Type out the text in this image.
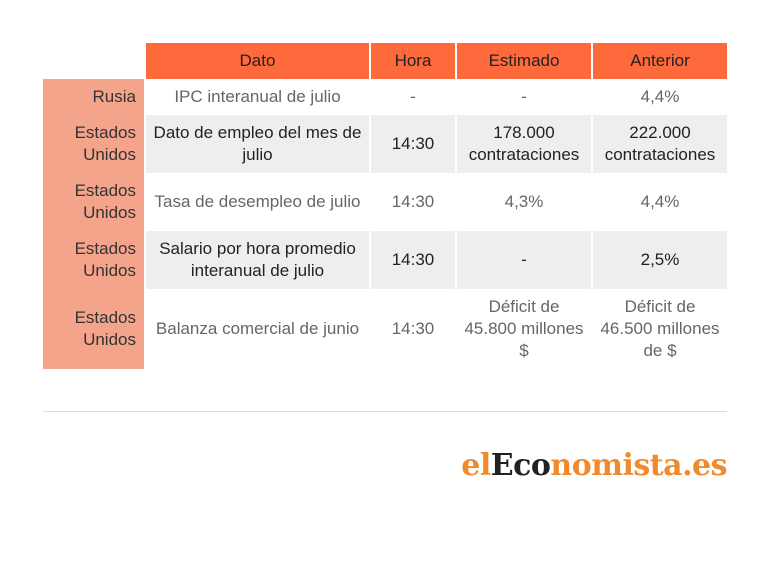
	Dato	Hora	Estimado	Anterior
Rusia	IPC interanual de julio	-	-	4,4%
Estados Unidos	Dato de empleo del mes de julio	14:30	178.000 contrataciones	222.000 contrataciones
Estados Unidos	Tasa de desempleo de julio	14:30	4,3%	4,4%
Estados Unidos	Salario por hora promedio interanual de julio	14:30	-	2,5%
Estados Unidos	Balanza comercial de junio	14:30	Déficit de 45.800 millones $	Déficit de 46.500 millones de $
elEconomista.es
